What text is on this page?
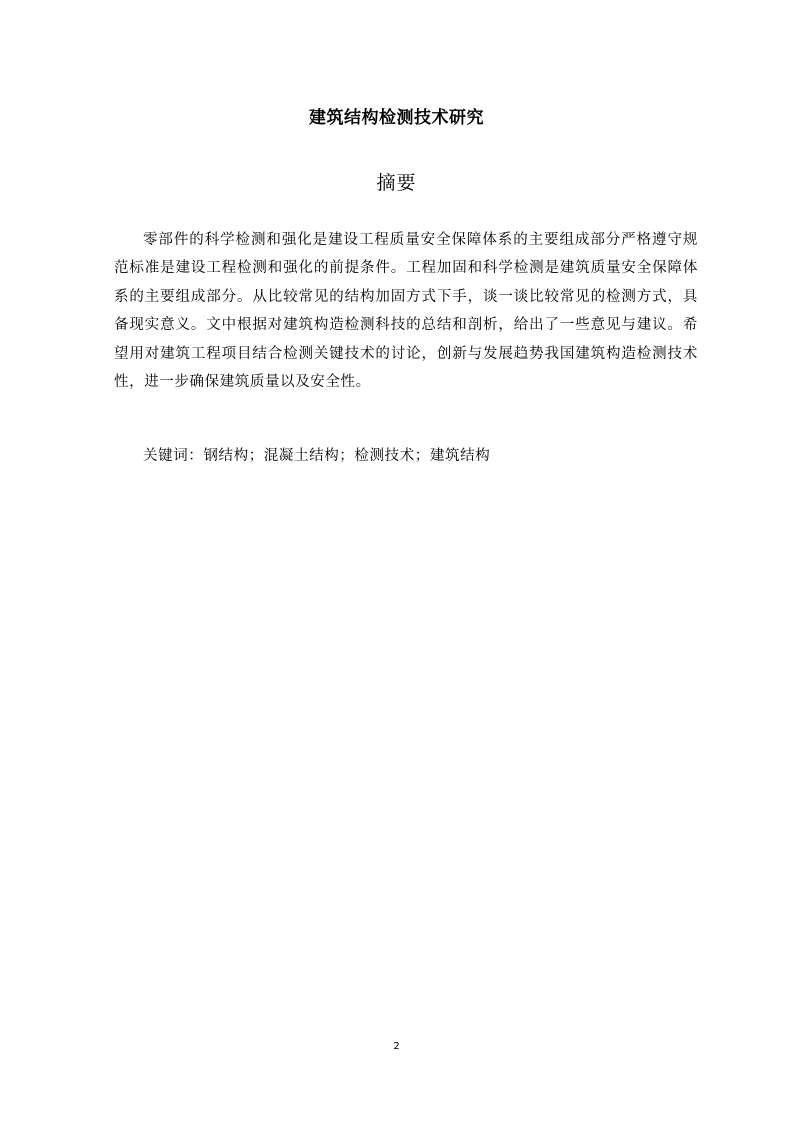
建筑结构检测技术研究
摘要

零部件的科学检测和强化是建设工程质量安全保障体系的主要组成部分严格遵守规范标准是建设工程检测和强化的前提条件。工程加固和科学检测是建筑质量安全保障体系的主要组成部分。从比较常见的结构加固方式下手，谈一谈比较常见的检测方式，具备现实意义。文中根据对建筑构造检测科技的总结和剖析，给出了一些意见与建议。希望用对建筑工程项目结合检测关键技术的讨论，创新与发展趋势我国建筑构造检测技术性，进一步确保建筑质量以及安全性。

关键词：钢结构；混凝土结构；检测技术；建筑结构

2
